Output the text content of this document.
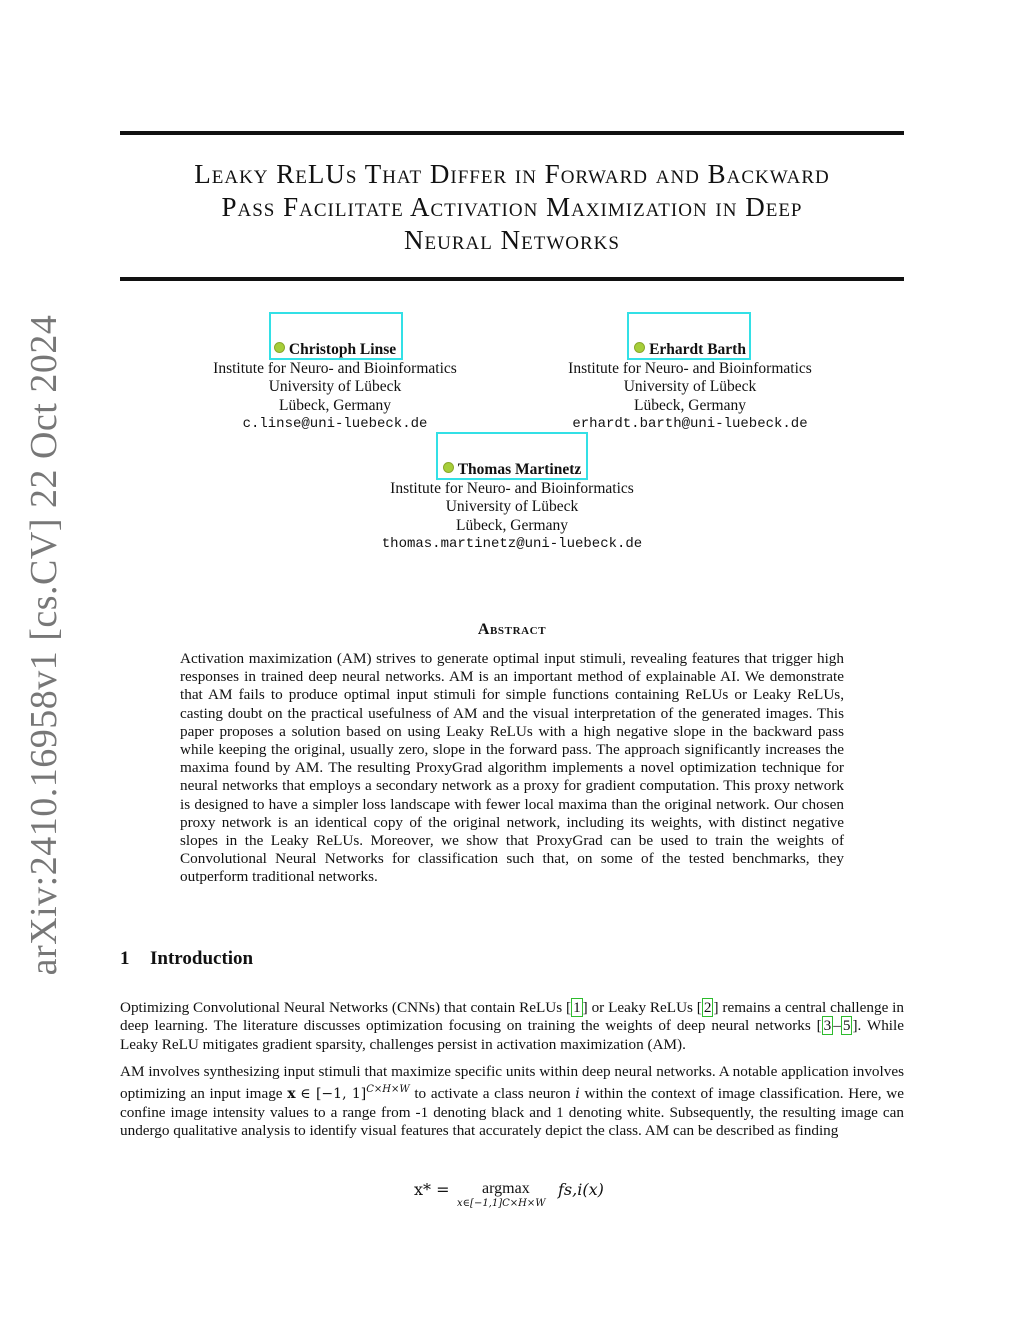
arXiv:2410.16958v1 [cs.CV] 22 Oct 2024
Leaky ReLUs That Differ in Forward and Backward
Pass Facilitate Activation Maximization in Deep
Neural Networks
Christoph Linse
Institute for Neuro- and Bioinformatics
University of Lübeck
Lübeck, Germany
c.linse@uni-luebeck.de
Erhardt Barth
Institute for Neuro- and Bioinformatics
University of Lübeck
Lübeck, Germany
erhardt.barth@uni-luebeck.de
Thomas Martinetz
Institute for Neuro- and Bioinformatics
University of Lübeck
Lübeck, Germany
thomas.martinetz@uni-luebeck.de
Abstract
Activation maximization (AM) strives to generate optimal input stimuli, revealing features that trigger high responses in trained deep neural networks. AM is an important method of explainable AI. We demonstrate that AM fails to produce optimal input stimuli for simple functions containing ReLUs or Leaky ReLUs, casting doubt on the practical usefulness of AM and the visual interpretation of the generated images. This paper proposes a solution based on using Leaky ReLUs with a high negative slope in the backward pass while keeping the original, usually zero, slope in the forward pass. The approach significantly increases the maxima found by AM. The resulting ProxyGrad algorithm implements a novel optimization technique for neural networks that employs a secondary network as a proxy for gradient computation. This proxy network is designed to have a simpler loss landscape with fewer local maxima than the original network. Our chosen proxy network is an identical copy of the original network, including its weights, with distinct negative slopes in the Leaky ReLUs. Moreover, we show that ProxyGrad can be used to train the weights of Convolutional Neural Networks for classification such that, on some of the tested benchmarks, they outperform traditional networks.
1 Introduction
Optimizing Convolutional Neural Networks (CNNs) that contain ReLUs [ 1 ] or Leaky ReLUs [ 2 ] remains a central challenge in deep learning. The literature discusses optimization focusing on training the weights of deep neural networks [ 3 – 5 ]. While Leaky ReLU mitigates gradient sparsity, challenges persist in activation maximization (AM).
AM involves synthesizing input stimuli that maximize specific units within deep neural networks. A notable application involves optimizing an input image x ∈ [−1, 1]$^{C\times H\times W}$ to activate a class neuron i within the context of image classification. Here, we confine image intensity values to a range from -1 denoting black and 1 denoting white. Subsequently, the resulting image can undergo qualitative analysis to identify visual features that accurately depict the class. AM can be described as finding
x* = argmax
x∈[−1,1]C×H×W
fs,i(x)
